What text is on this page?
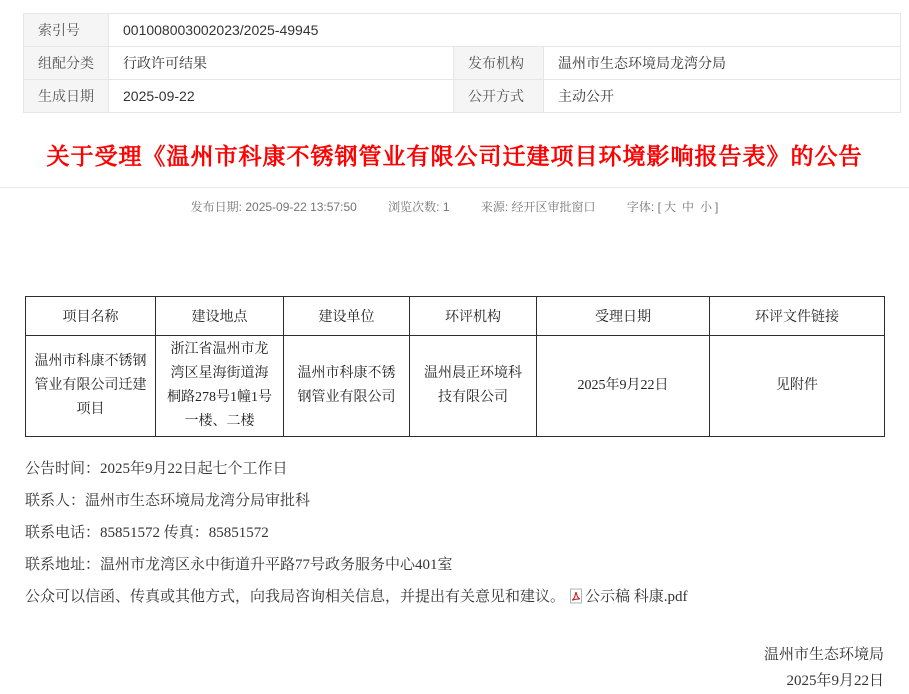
索引号	001008003002023/2025-49945		
组配分类	行政许可结果	发布机构	温州市生态环境局龙湾分局
生成日期	2025-09-22	公开方式	主动公开
关于受理《温州市科康不锈钢管业有限公司迁建项目环境影响报告表》的公告
发布日期: 2025-09-22 13:57:50	浏览次数: 1	来源: 经开区审批窗口	字体: [ 大 中 小 ]
项目名称	建设地点	建设单位	环评机构	受理日期	环评文件链接
温州市科康不锈钢管业有限公司迁建项目	浙江省温州市龙湾区星海街道海桐路278号1幢1号一楼、二楼	温州市科康不锈钢管业有限公司	温州晨正环境科技有限公司	2025年9月22日	见附件

公告时间：2025年9月22日起七个工作日

联系人：温州市生态环境局龙湾分局审批科

联系电话：85851572 传真：85851572

联系地址：温州市龙湾区永中街道升平路77号政务服务中心401室

公众可以信函、传真或其他方式，向我局咨询相关信息，并提出有关意见和建议。 公示稿 科康.pdf

温州市生态环境局
2025年9月22日
